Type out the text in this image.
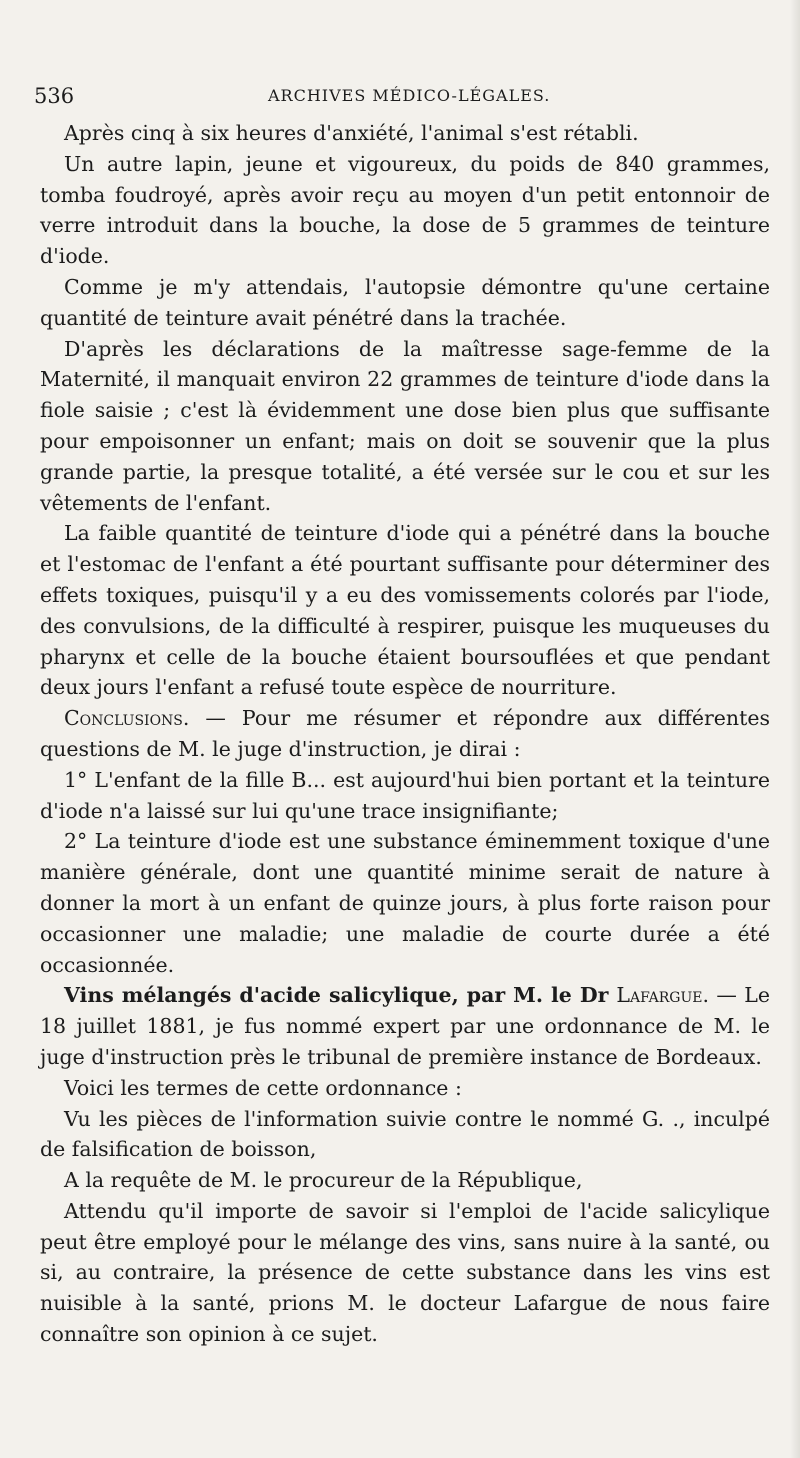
536	ARCHIVES MÉDICO-LÉGALES.

Après cinq à six heures d'anxiété, l'animal s'est rétabli.

Un autre lapin, jeune et vigoureux, du poids de 840 grammes, tomba foudroyé, après avoir reçu au moyen d'un petit entonnoir de verre introduit dans la bouche, la dose de 5 grammes de teinture d'iode.

Comme je m'y attendais, l'autopsie démontre qu'une certaine quantité de teinture avait pénétré dans la trachée.

D'après les déclarations de la maîtresse sage-femme de la Maternité, il manquait environ 22 grammes de teinture d'iode dans la fiole saisie ; c'est là évidemment une dose bien plus que suffisante pour empoisonner un enfant; mais on doit se souvenir que la plus grande partie, la presque totalité, a été versée sur le cou et sur les vêtements de l'enfant.

La faible quantité de teinture d'iode qui a pénétré dans la bouche et l'estomac de l'enfant a été pourtant suffisante pour déterminer des effets toxiques, puisqu'il y a eu des vomissements colorés par l'iode, des convulsions, de la difficulté à respirer, puisque les muqueuses du pharynx et celle de la bouche étaient boursouflées et que pendant deux jours l'enfant a refusé toute espèce de nourriture.

Conclusions. — Pour me résumer et répondre aux différentes questions de M. le juge d'instruction, je dirai :

1° L'enfant de la fille B... est aujourd'hui bien portant et la teinture d'iode n'a laissé sur lui qu'une trace insignifiante;

2° La teinture d'iode est une substance éminemment toxique d'une manière générale, dont une quantité minime serait de nature à donner la mort à un enfant de quinze jours, à plus forte raison pour occasionner une maladie; une maladie de courte durée a été occasionnée.

Vins mélangés d'acide salicylique, par M. le Dr Lafargue. — Le 18 juillet 1881, je fus nommé expert par une ordonnance de M. le juge d'instruction près le tribunal de première instance de Bordeaux.

Voici les termes de cette ordonnance :

Vu les pièces de l'information suivie contre le nommé G. ., inculpé de falsification de boisson,

A la requête de M. le procureur de la République,

Attendu qu'il importe de savoir si l'emploi de l'acide salicylique peut être employé pour le mélange des vins, sans nuire à la santé, ou si, au contraire, la présence de cette substance dans les vins est nuisible à la santé, prions M. le docteur Lafargue de nous faire connaître son opinion à ce sujet.
